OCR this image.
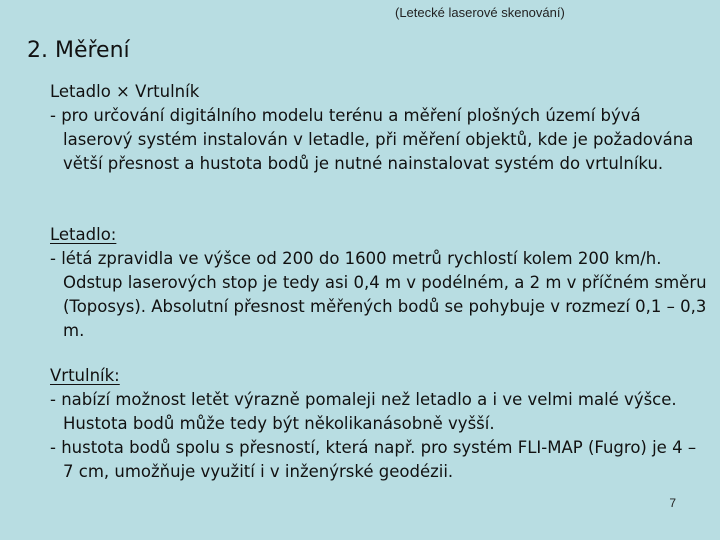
(Letecké laserové skenování)
2. Měření
Letadlo × Vrtulník
- pro určování digitálního modelu terénu a měření plošných území bývá laserový systém instalován v letadle, při měření objektů, kde je požadována větší přesnost a hustota bodů je nutné nainstalovat systém do vrtulníku.
Letadlo:
- létá zpravidla ve výšce od 200 do 1600 metrů rychlostí kolem 200 km/h. Odstup laserových stop je tedy asi 0,4 m v podélném, a 2 m v příčném směru (Toposys). Absolutní přesnost měřených bodů se pohybuje v rozmezí 0,1 – 0,3 m.
Vrtulník:
- nabízí možnost letět výrazně pomaleji než letadlo a i ve velmi malé výšce. Hustota bodů může tedy být několikanásobně vyšší.
- hustota bodů spolu s přesností, která např. pro systém FLI-MAP (Fugro) je 4 – 7 cm, umožňuje využití i v inženýrské geodézii.
7
